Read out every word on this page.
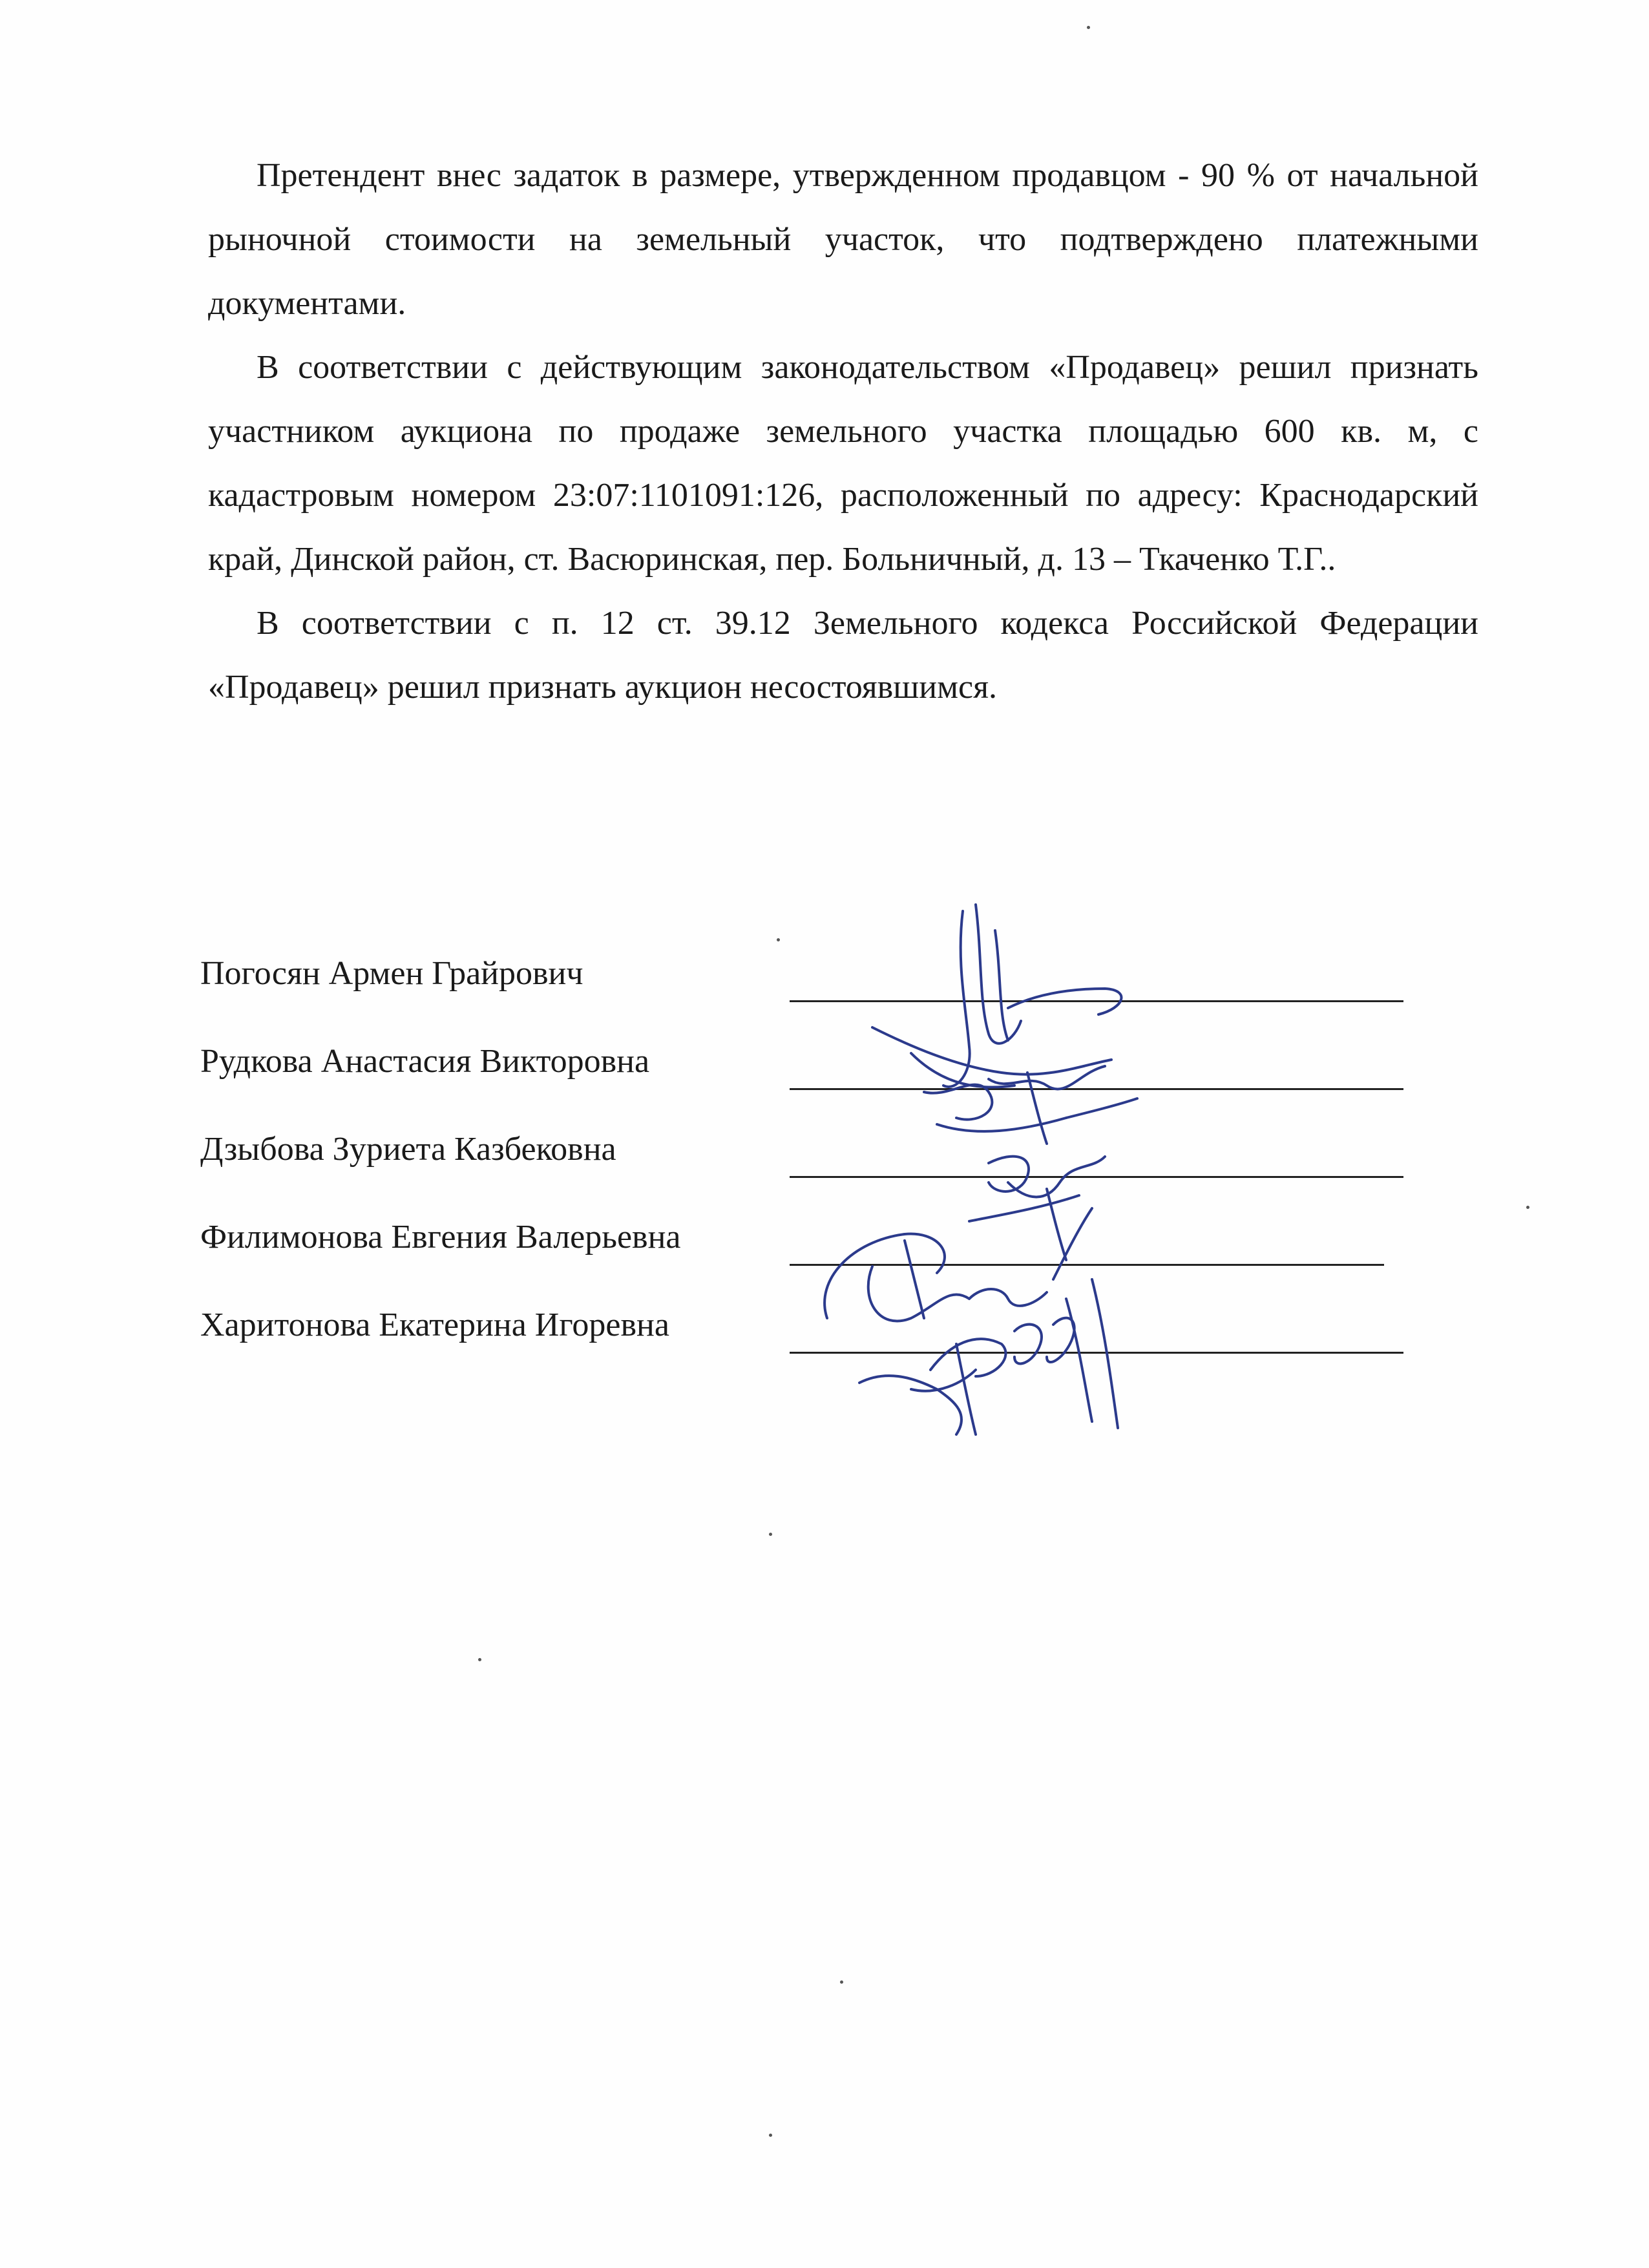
Претендент внес задаток в размере, утвержденном продавцом - 90 % от начальной рыночной стоимости на земельный участок, что подтверждено платежными документами.

В соответствии с действующим законодательством «Продавец» решил признать участником аукциона по продаже земельного участка площадью 600 кв. м, с кадастровым номером 23:07:1101091:126, расположенный по адресу: Краснодарский край, Динской район, ст. Васюринская, пер. Больничный, д. 13 – Ткаченко Т.Г..

В соответствии с п. 12 ст. 39.12 Земельного кодекса Российской Федерации «Продавец» решил признать аукцион несостоявшимся.

Погосян Армен Грайрович
Рудкова Анастасия Викторовна
Дзыбова Зуриета Казбековна
Филимонова Евгения Валерьевна
Харитонова Екатерина Игоревна
